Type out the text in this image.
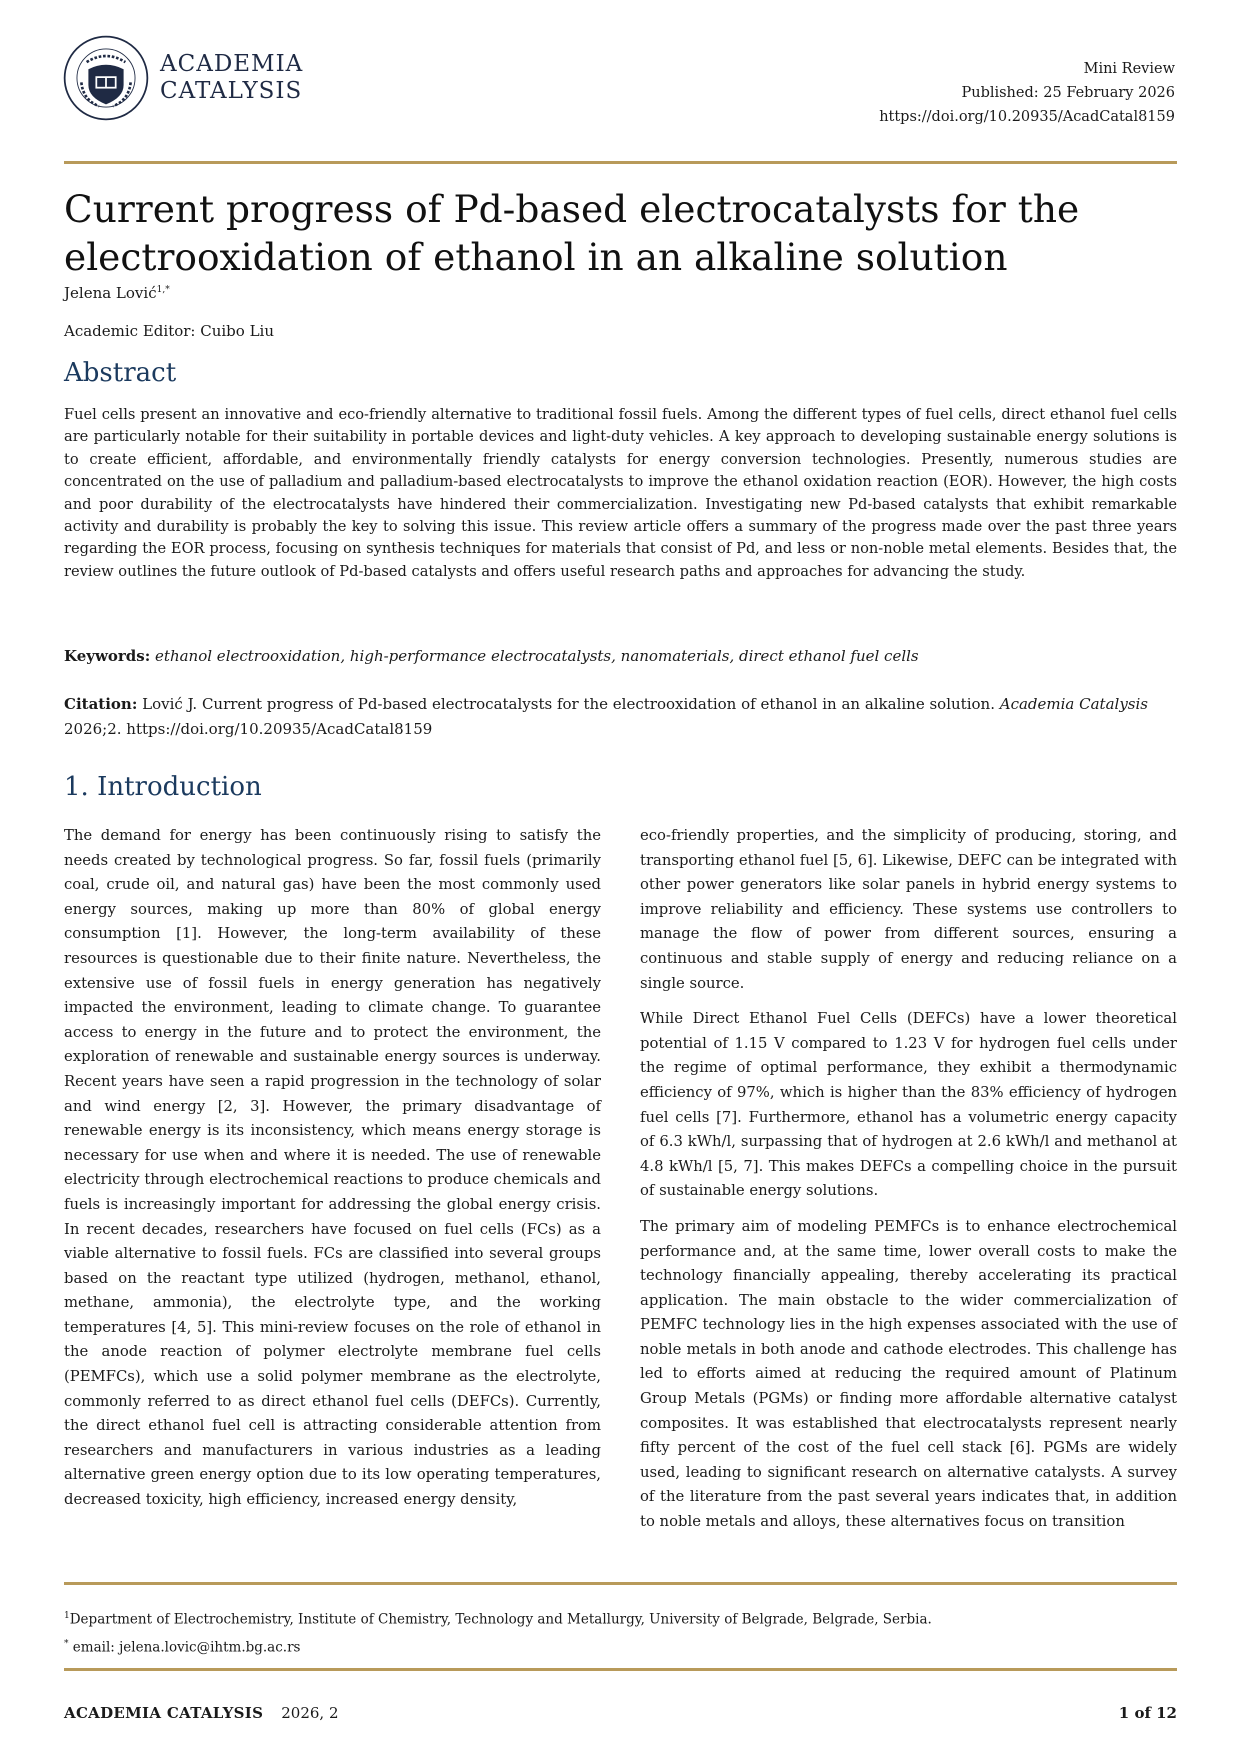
ACADEMIA
CATALYSIS
Mini Review
Published: 25 February 2026
https://doi.org/10.20935/AcadCatal8159
Current progress of Pd-based electrocatalysts for the electrooxidation of ethanol in an alkaline solution
Jelena Lović$^{1,*}$
Academic Editor: Cuibo Liu
Abstract

Fuel cells present an innovative and eco-friendly alternative to traditional fossil fuels. Among the different types of fuel cells, direct ethanol fuel cells are particularly notable for their suitability in portable devices and light-duty vehicles. A key approach to developing sustainable energy solutions is to create efficient, affordable, and environmentally friendly catalysts for energy conversion technologies. Presently, numerous studies are concentrated on the use of palladium and palladium-based electrocatalysts to improve the ethanol oxidation reaction (EOR). However, the high costs and poor durability of the electrocatalysts have hindered their commercialization. Investigating new Pd-based catalysts that exhibit remarkable activity and durability is probably the key to solving this issue. This review article offers a summary of the progress made over the past three years regarding the EOR process, focusing on synthesis techniques for materials that consist of Pd, and less or non-noble metal elements. Besides that, the review outlines the future outlook of Pd-based catalysts and offers useful research paths and approaches for advancing the study.

Keywords: ethanol electrooxidation, high-performance electrocatalysts, nanomaterials, direct ethanol fuel cells
Citation: Lović J. Current progress of Pd-based electrocatalysts for the electrooxidation of ethanol in an alkaline solution. Academia Catalysis 2026;2. https://doi.org/10.20935/AcadCatal8159
1. Introduction

The demand for energy has been continuously rising to satisfy the needs created by technological progress. So far, fossil fuels (primarily coal, crude oil, and natural gas) have been the most commonly used energy sources, making up more than 80% of global energy consumption [1]. However, the long-term availability of these resources is questionable due to their finite nature. Nevertheless, the extensive use of fossil fuels in energy generation has negatively impacted the environment, leading to climate change. To guarantee access to energy in the future and to protect the environment, the exploration of renewable and sustainable energy sources is underway. Recent years have seen a rapid progression in the technology of solar and wind energy [2, 3]. However, the primary disadvantage of renewable energy is its inconsistency, which means energy storage is necessary for use when and where it is needed. The use of renewable electricity through electrochemical reactions to produce chemicals and fuels is increasingly important for addressing the global energy crisis. In recent decades, researchers have focused on fuel cells (FCs) as a viable alternative to fossil fuels. FCs are classified into several groups based on the reactant type utilized (hydrogen, methanol, ethanol, methane, ammonia), the electrolyte type, and the working temperatures [4, 5]. This mini-review focuses on the role of ethanol in the anode reaction of polymer electrolyte membrane fuel cells (PEMFCs), which use a solid polymer membrane as the electrolyte, commonly referred to as direct ethanol fuel cells (DEFCs). Currently, the direct ethanol fuel cell is attracting considerable attention from researchers and manufacturers in various industries as a leading alternative green energy option due to its low operating temperatures, decreased toxicity, high efficiency, increased energy density,

eco-friendly properties, and the simplicity of producing, storing, and transporting ethanol fuel [5, 6]. Likewise, DEFC can be integrated with other power generators like solar panels in hybrid energy systems to improve reliability and efficiency. These systems use controllers to manage the flow of power from different sources, ensuring a continuous and stable supply of energy and reducing reliance on a single source.

While Direct Ethanol Fuel Cells (DEFCs) have a lower theoretical potential of 1.15 V compared to 1.23 V for hydrogen fuel cells under the regime of optimal performance, they exhibit a thermodynamic efficiency of 97%, which is higher than the 83% efficiency of hydrogen fuel cells [7]. Furthermore, ethanol has a volumetric energy capacity of 6.3 kWh/l, surpassing that of hydrogen at 2.6 kWh/l and methanol at 4.8 kWh/l [5, 7]. This makes DEFCs a compelling choice in the pursuit of sustainable energy solutions.

The primary aim of modeling PEMFCs is to enhance electrochemical performance and, at the same time, lower overall costs to make the technology financially appealing, thereby accelerating its practical application. The main obstacle to the wider commercialization of PEMFC technology lies in the high expenses associated with the use of noble metals in both anode and cathode electrodes. This challenge has led to efforts aimed at reducing the required amount of Platinum Group Metals (PGMs) or finding more affordable alternative catalyst composites. It was established that electrocatalysts represent nearly fifty percent of the cost of the fuel cell stack [6]. PGMs are widely used, leading to significant research on alternative catalysts. A survey of the literature from the past several years indicates that, in addition to noble metals and alloys, these alternatives focus on transition

$^1$Department of Electrochemistry, Institute of Chemistry, Technology and Metallurgy, University of Belgrade, Belgrade, Serbia.
* email: jelena.lovic@ihtm.bg.ac.rs
ACADEMIA CATALYSIS 2026, 2	1 of 12
